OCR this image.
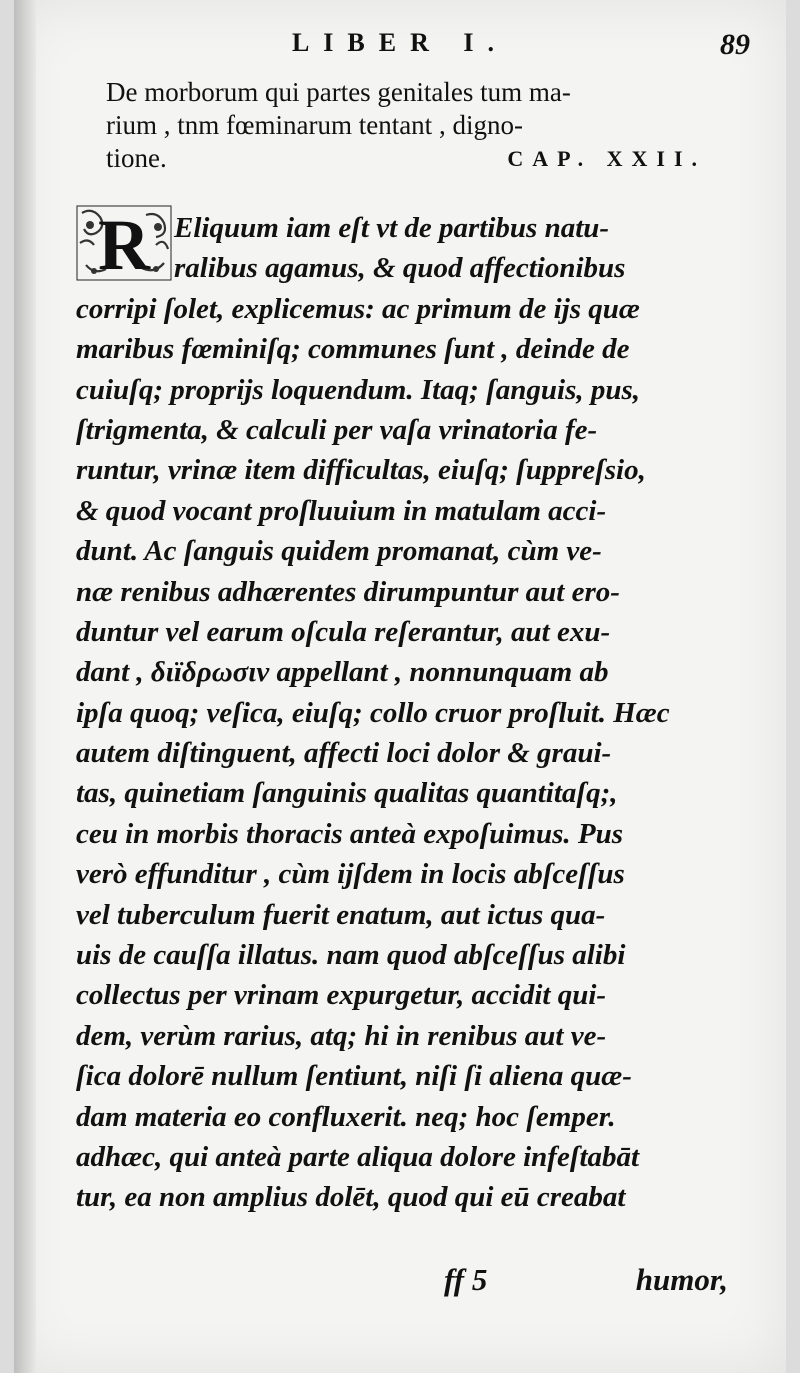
LIBER I.	89
De morborum qui partes genitales tum ma-
rium , tnm fœminarum tentant , digno-
tione.	CAP. XXII.
R Eliquum iam eſt vt de partibus natu-
ralibus agamus, & quod affectionibus
corripi ſolet, explicemus: ac primum de ijs quæ
maribus fœminiſq; communes ſunt , deinde de
cuiuſq; proprijs loquendum. Itaq; ſanguis, pus,
ſtrigmenta, & calculi per vaſa vrinatoria fe-
runtur, vrinæ item difficultas, eiuſq; ſuppreſsio,
& quod vocant proſluuium in matulam acci-
dunt. Ac ſanguis quidem promanat, cùm ve-
næ renibus adhærentes dirumpuntur aut ero-
duntur vel earum oſcula reſerantur, aut exu-
dant , διϊδρωσιν appellant , nonnunquam ab
ipſa quoq; veſica, eiuſq; collo cruor proſluit. Hæc
autem diſtinguent, affecti loci dolor & graui-
tas, quinetiam ſanguinis qualitas quantitaſq;,
ceu in morbis thoracis anteà expoſuimus. Pus
verò effunditur , cùm ijſdem in locis abſceſſus
vel tuberculum fuerit enatum, aut ictus qua-
uis de cauſſa illatus. nam quod abſceſſus alibi
collectus per vrinam expurgetur, accidit qui-
dem, verùm rarius, atq; hi in renibus aut ve-
ſica dolorē nullum ſentiunt, niſi ſi aliena quæ-
dam materia eo confluxerit. neq; hoc ſemper.
adhæc, qui anteà parte aliqua dolore infeſtabāt
tur, ea non amplius dolēt, quod qui eū creabat
ff 5	humor,
